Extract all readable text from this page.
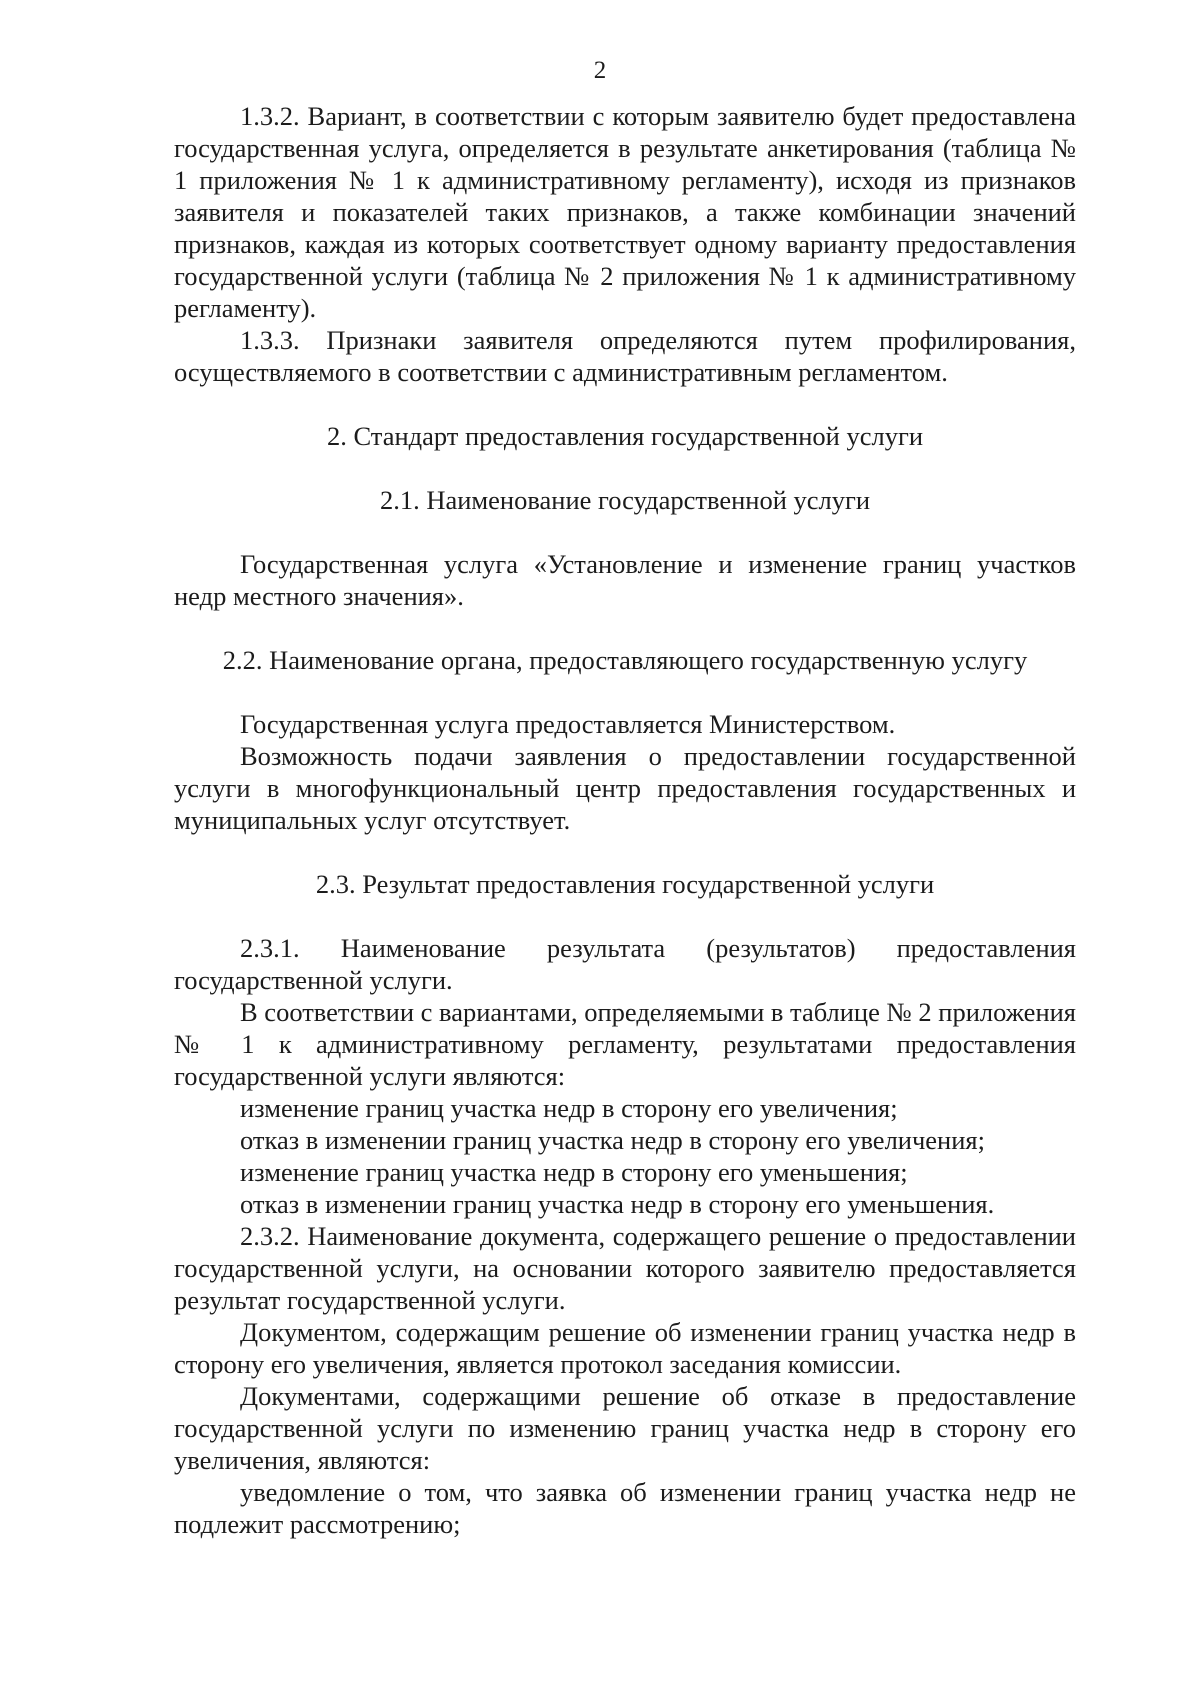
2

1.3.2. Вариант, в соответствии с которым заявителю будет предоставлена государственная услуга, определяется в результате анкетирования (таблица № 1 приложения № 1 к административному регламенту), исходя из признаков заявителя и показателей таких признаков, а также комбинации значений признаков, каждая из которых соответствует одному варианту предоставления государственной услуги (таблица № 2 приложения № 1 к административному регламенту).

1.3.3. Признаки заявителя определяются путем профилирования, осуществляемого в соответствии с административным регламентом.

2. Стандарт предоставления государственной услуги

2.1. Наименование государственной услуги

Государственная услуга «Установление и изменение границ участков недр местного значения».

2.2. Наименование органа, предоставляющего государственную услугу

Государственная услуга предоставляется Министерством.

Возможность подачи заявления о предоставлении государственной услуги в многофункциональный центр предоставления государственных и муниципальных услуг отсутствует.

2.3. Результат предоставления государственной услуги

2.3.1. Наименование результата (результатов) предоставления государственной услуги.

В соответствии с вариантами, определяемыми в таблице № 2 приложения № 1 к административному регламенту, результатами предоставления государственной услуги являются:

изменение границ участка недр в сторону его увеличения;

отказ в изменении границ участка недр в сторону его увеличения;

изменение границ участка недр в сторону его уменьшения;

отказ в изменении границ участка недр в сторону его уменьшения.

2.3.2. Наименование документа, содержащего решение о предоставлении государственной услуги, на основании которого заявителю предоставляется результат государственной услуги.

Документом, содержащим решение об изменении границ участка недр в сторону его увеличения, является протокол заседания комиссии.

Документами, содержащими решение об отказе в предоставление государственной услуги по изменению границ участка недр в сторону его увеличения, являются:

уведомление о том, что заявка об изменении границ участка недр не подлежит рассмотрению;
